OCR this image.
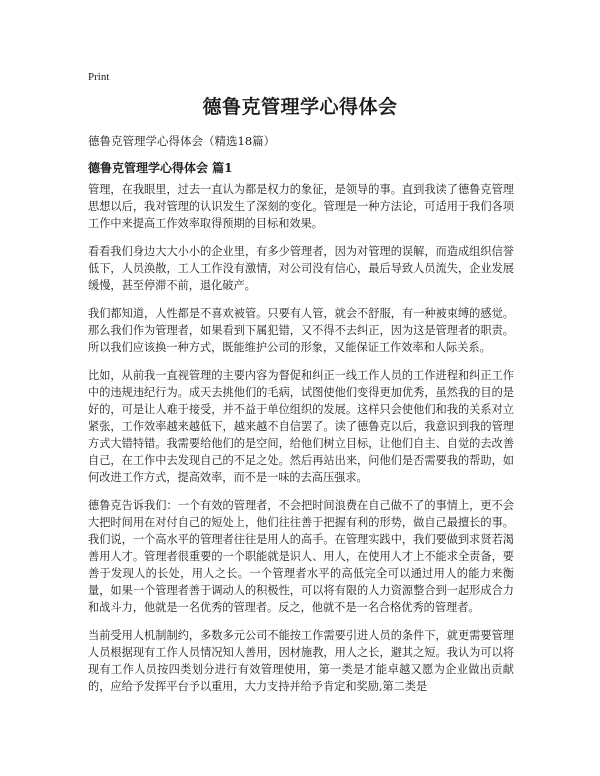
Print
德鲁克管理学心得体会
德鲁克管理学心得体会（精选18篇）
德鲁克管理学心得体会 篇1

管理，在我眼里，过去一直认为都是权力的象征，是领导的事。直到我读了德鲁克管理思想以后，我对管理的认识发生了深刻的变化。管理是一种方法论，可适用于我们各项工作中来提高工作效率取得预期的目标和效果。

看看我们身边大大小小的企业里，有多少管理者，因为对管理的误解，而造成组织信誉低下，人员涣散，工人工作没有激情，对公司没有信心，最后导致人员流失，企业发展缓慢，甚至停滞不前，退化破产。

我们都知道，人性都是不喜欢被管。只要有人管，就会不舒服，有一种被束缚的感觉。那么我们作为管理者，如果看到下属犯错，又不得不去纠正，因为这是管理者的职责。所以我们应该换一种方式，既能维护公司的形象，又能保证工作效率和人际关系。

比如，从前我一直视管理的主要内容为督促和纠正一线工作人员的工作进程和纠正工作中的违规违纪行为。成天去挑他们的毛病，试图使他们变得更加优秀，虽然我的目的是好的，可是让人难于接受，并不益于单位组织的发展。这样只会使他们和我的关系对立紧张，工作效率越来越低下，越来越不自信罢了。读了德鲁克以后，我意识到我的管理方式大错特错。我需要给他们的是空间，给他们树立目标，让他们自主、自觉的去改善自己，在工作中去发现自己的不足之处。然后再站出来，问他们是否需要我的帮助，如何改进工作方式，提高效率，而不是一味的去高压强求。

德鲁克告诉我们：一个有效的管理者，不会把时间浪费在自己做不了的事情上，更不会大把时间用在对付自己的短处上，他们往往善于把握有利的形势，做自己最擅长的事。我们说，一个高水平的管理者往往是用人的高手。在管理实践中，我们要做到求贤若渴善用人才。管理者很重要的一个职能就是识人、用人，在使用人才上不能求全责备，要善于发现人的长处，用人之长。一个管理者水平的高低完全可以通过用人的能力来衡量，如果一个管理者善于调动人的积极性，可以将有限的人力资源整合到一起形成合力和战斗力，他就是一名优秀的管理者。反之，他就不是一名合格优秀的管理者。

当前受用人机制制约，多数多元公司不能按工作需要引进人员的条件下，就更需要管理人员根据现有工作人员情况知人善用，因材施教，用人之长，避其之短。我认为可以将现有工作人员按四类划分进行有效管理使用，第一类是才能卓越又愿为企业做出贡献的，应给予发挥平台予以重用，大力支持并给予肯定和奖励,第二类是
